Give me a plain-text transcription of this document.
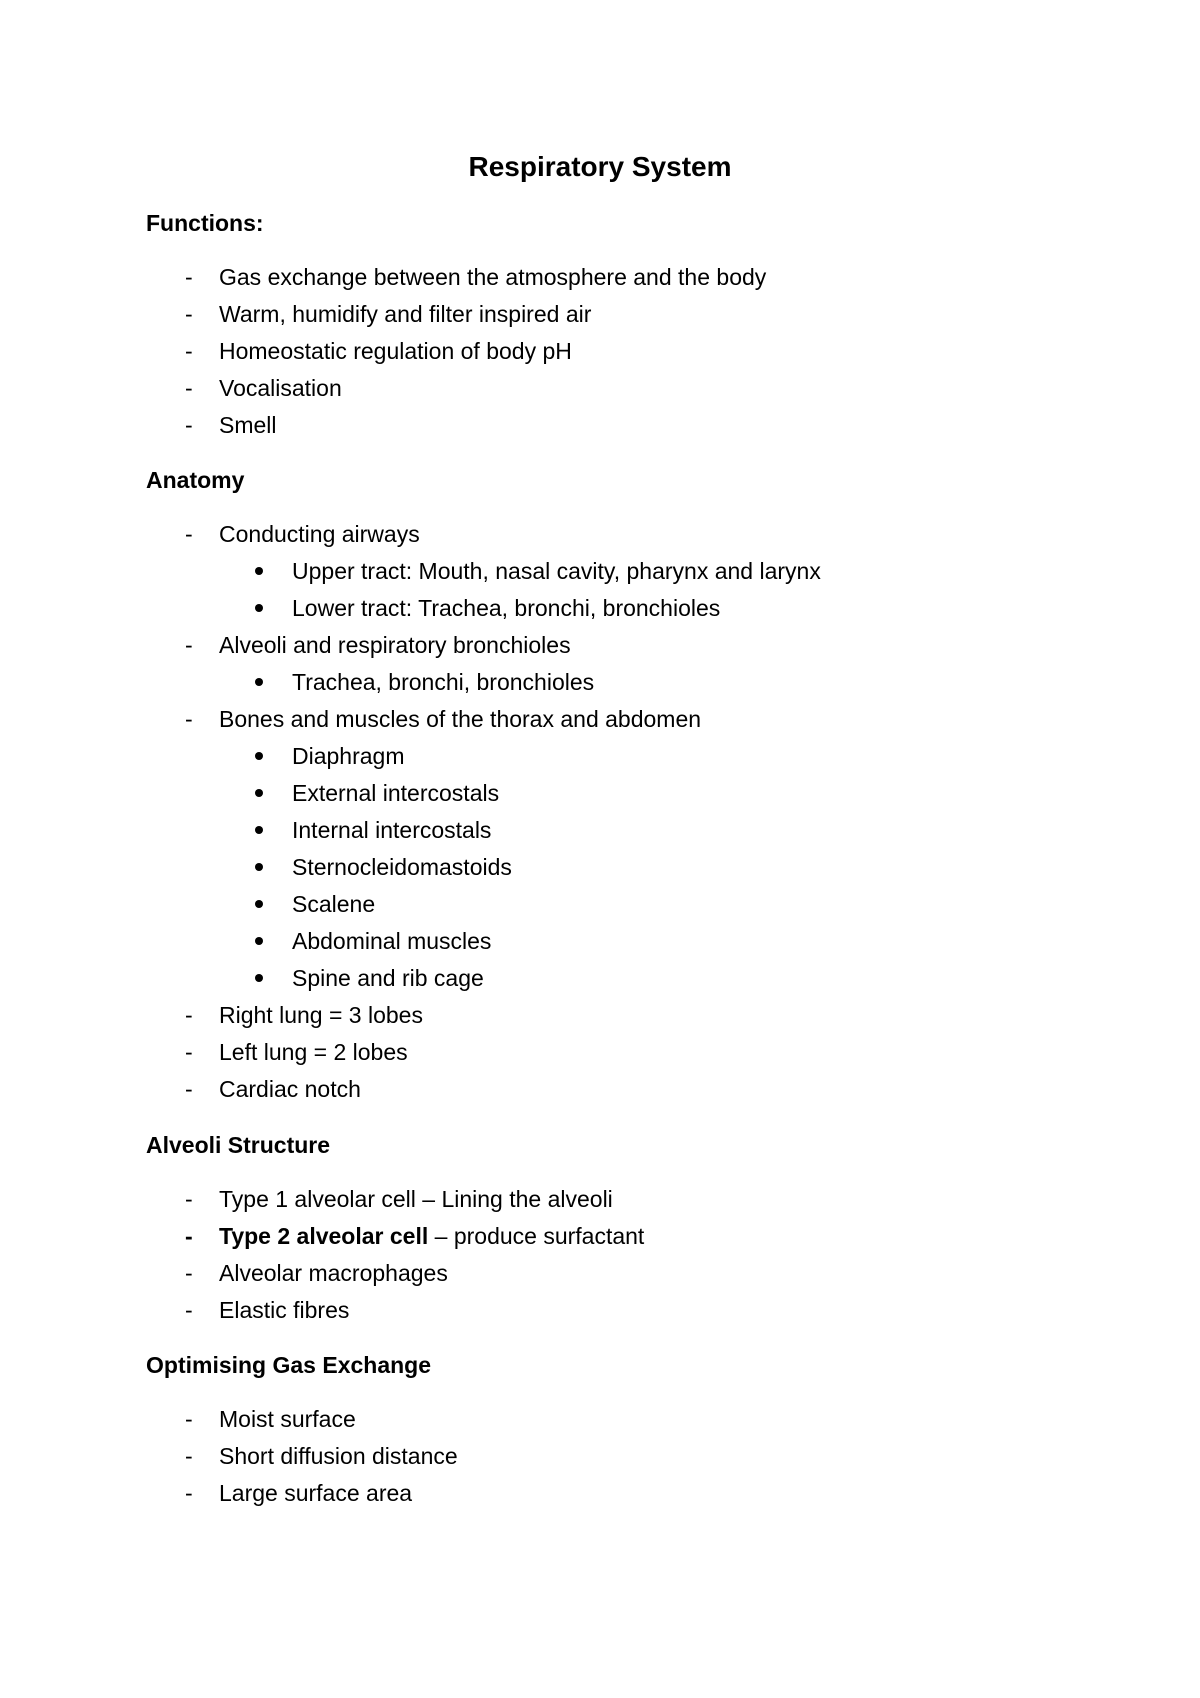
Respiratory System
Functions:
-	Gas exchange between the atmosphere and the body
-	Warm, humidify and filter inspired air
-	Homeostatic regulation of body pH
-	Vocalisation
-	Smell
Anatomy
-	Conducting airways
Upper tract: Mouth, nasal cavity, pharynx and larynx
Lower tract: Trachea, bronchi, bronchioles
-	Alveoli and respiratory bronchioles
Trachea, bronchi, bronchioles
-	Bones and muscles of the thorax and abdomen
Diaphragm
External intercostals
Internal intercostals
Sternocleidomastoids
Scalene
Abdominal muscles
Spine and rib cage
-	Right lung = 3 lobes
-	Left lung = 2 lobes
-	Cardiac notch
Alveoli Structure
-	Type 1 alveolar cell – Lining the alveoli
-	Type 2 alveolar cell – produce surfactant
-	Alveolar macrophages
-	Elastic fibres
Optimising Gas Exchange
-	Moist surface
-	Short diffusion distance
-	Large surface area
